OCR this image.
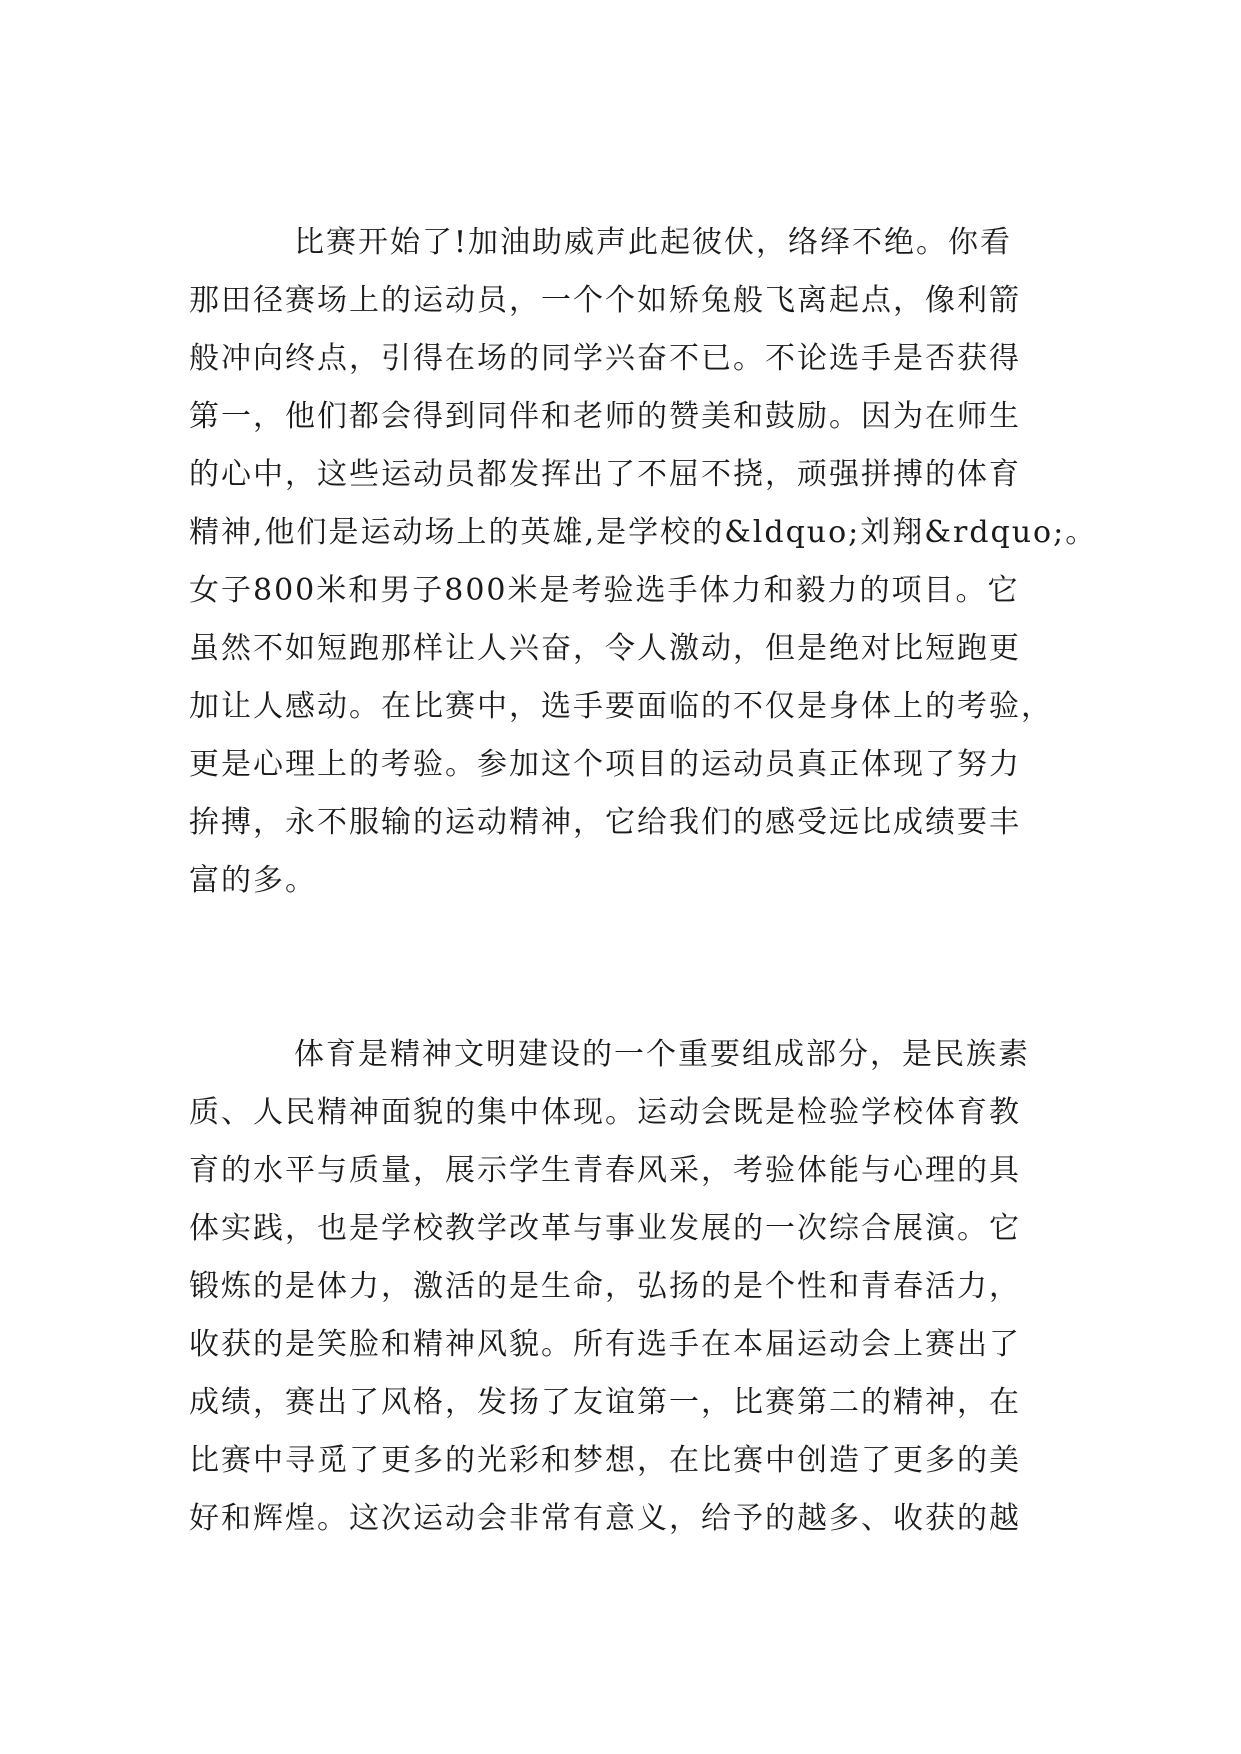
比赛开始了!加油助威声此起彼伏，络绎不绝。你看
那田径赛场上的运动员，一个个如矫兔般飞离起点，像利箭
般冲向终点，引得在场的同学兴奋不已。不论选手是否获得
第一，他们都会得到同伴和老师的赞美和鼓励。因为在师生
的心中，这些运动员都发挥出了不屈不挠，顽强拼搏的体育
精神,他们是运动场上的英雄,是学校的&ldquo;刘翔&rdquo;。
女子800米和男子800米是考验选手体力和毅力的项目。它
虽然不如短跑那样让人兴奋，令人激动，但是绝对比短跑更
加让人感动。在比赛中，选手要面临的不仅是身体上的考验，
更是心理上的考验。参加这个项目的运动员真正体现了努力
拚搏，永不服输的运动精神，它给我们的感受远比成绩要丰
富的多。
体育是精神文明建设的一个重要组成部分，是民族素
质、人民精神面貌的集中体现。运动会既是检验学校体育教
育的水平与质量，展示学生青春风采，考验体能与心理的具
体实践，也是学校教学改革与事业发展的一次综合展演。它
锻炼的是体力，激活的是生命，弘扬的是个性和青春活力，
收获的是笑脸和精神风貌。所有选手在本届运动会上赛出了
成绩，赛出了风格，发扬了友谊第一，比赛第二的精神，在
比赛中寻觅了更多的光彩和梦想，在比赛中创造了更多的美
好和辉煌。这次运动会非常有意义，给予的越多、收获的越
